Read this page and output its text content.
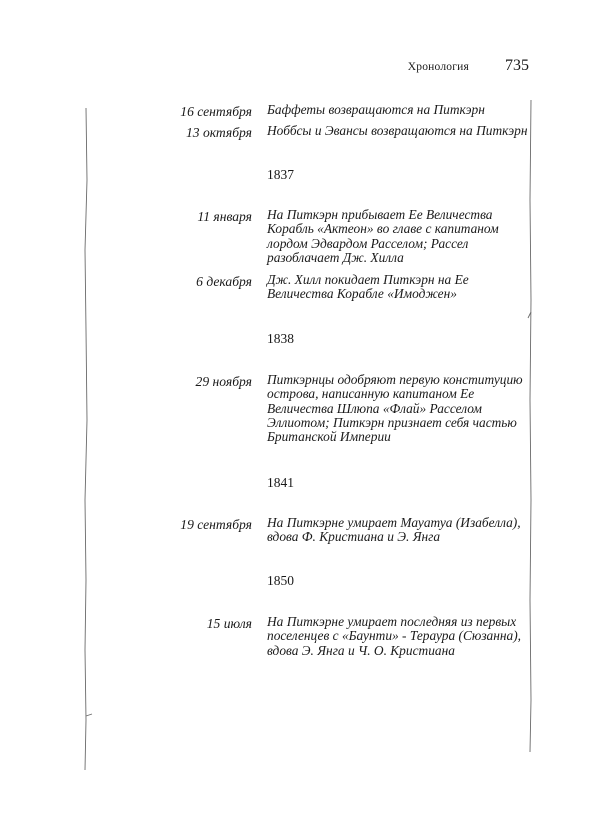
Хронология 735
16 сентября Баффеты возвращаются на Питкэрн
13 октября Ноббсы и Эвансы возвращаются на Питкэрн
1837
11 января На Питкэрн прибывает Ее Величества Корабль «Актеон» во главе с капитаном лордом Эдвардом Расселом; Рассел разоблачает Дж. Хилла
6 декабря Дж. Хилл покидает Питкэрн на Ее Величества Корабле «Имоджен»
1838
29 ноября Питкэрнцы одобряют первую конституцию острова, написанную капитаном Ее Величества Шлюпа «Флай» Расселом Эллиотом; Питкэрн признает себя частью Британской Империи
1841
19 сентября На Питкэрне умирает Мауатуа (Изабелла), вдова Ф. Кристиана и Э. Янга
1850
15 июля На Питкэрне умирает последняя из первых поселенцев с «Баунти» - Тераура (Сюзанна), вдова Э. Янга и Ч. О. Кристиана
